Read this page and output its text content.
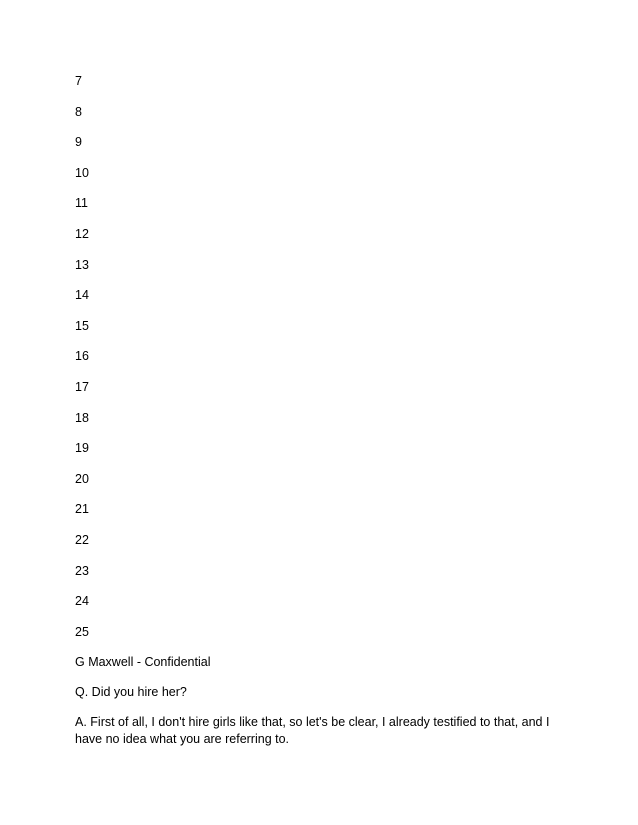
7
8
9
10
11
12
13
14
15
16
17
18
19
20
21
22
23
24
25

G Maxwell - Confidential

Q. Did you hire her?

A. First of all, I don't hire girls like that, so let's be clear, I already testified to that, and I have no idea what you are referring to.
